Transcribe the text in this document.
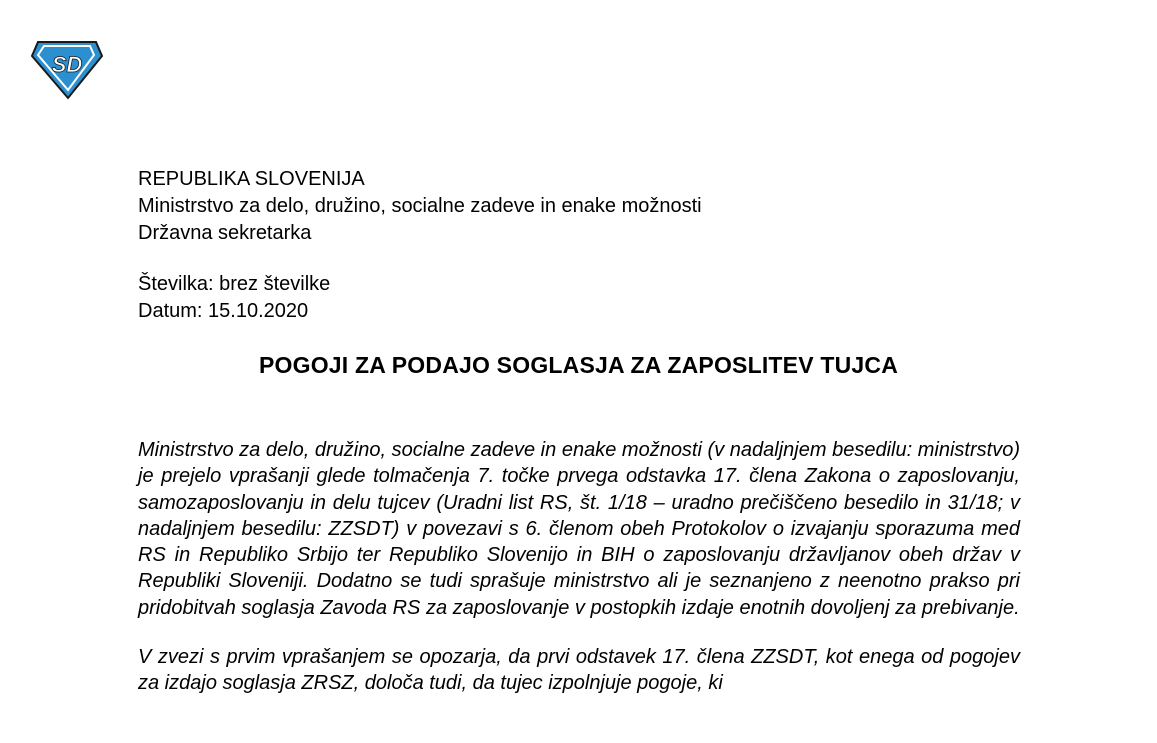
SD
REPUBLIKA SLOVENIJA
Ministrstvo za delo, družino, socialne zadeve in enake možnosti
Državna sekretarka
Številka: brez številke
Datum: 15.10.2020
POGOJI ZA PODAJO SOGLASJA ZA ZAPOSLITEV TUJCA

Ministrstvo za delo, družino, socialne zadeve in enake možnosti (v nadaljnjem besedilu: ministrstvo) je prejelo vprašanji glede tolmačenja 7. točke prvega odstavka 17. člena Zakona o zaposlovanju, samozaposlovanju in delu tujcev (Uradni list RS, št. 1/18 – uradno prečiščeno besedilo in 31/18; v nadaljnjem besedilu: ZZSDT) v povezavi s 6. členom obeh Protokolov o izvajanju sporazuma med RS in Republiko Srbijo ter Republiko Slovenijo in BIH o zaposlovanju državljanov obeh držav v Republiki Sloveniji. Dodatno se tudi sprašuje ministrstvo ali je seznanjeno z neenotno prakso pri pridobitvah soglasja Zavoda RS za zaposlovanje v postopkih izdaje enotnih dovoljenj za prebivanje.

V zvezi s prvim vprašanjem se opozarja, da prvi odstavek 17. člena ZZSDT, kot enega od pogojev za izdajo soglasja ZRSZ, določa tudi, da tujec izpolnjuje pogoje, ki
